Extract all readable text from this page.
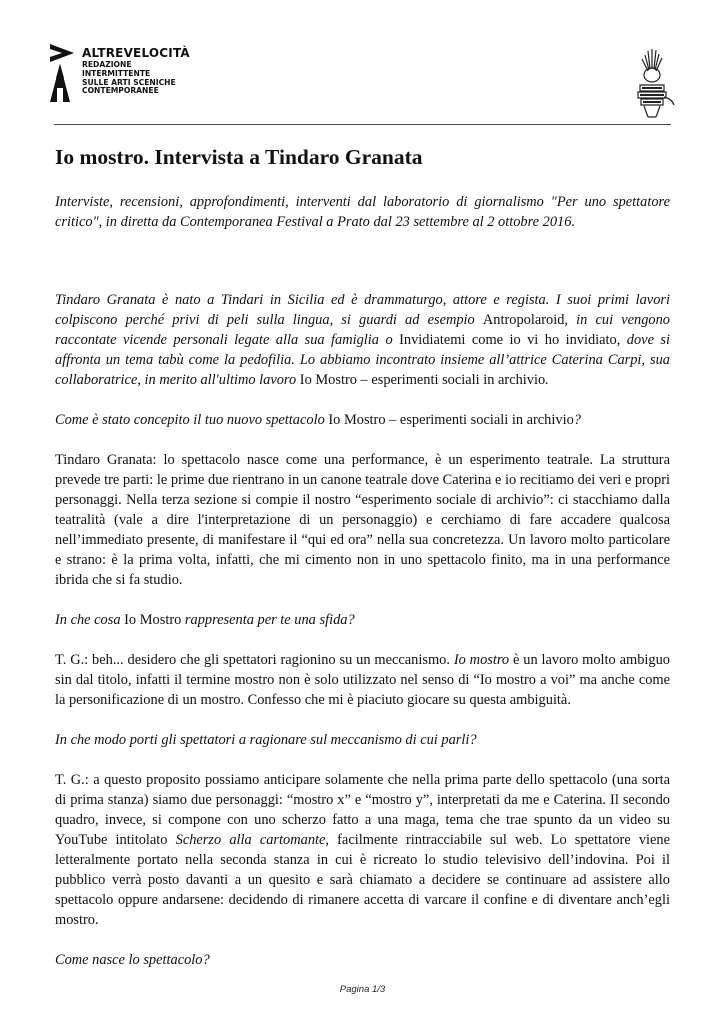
ALTREVELOCITÀ
REDAZIONE
INTERMITTENTE
SULLE ARTI SCENICHE
CONTEMPORANEE
Io mostro. Intervista a Tindaro Granata

Interviste, recensioni, approfondimenti, interventi dal laboratorio di giornalismo "Per uno spettatore critico", in diretta da Contemporanea Festival a Prato dal 23 settembre al 2 ottobre 2016.

Tindaro Granata è nato a Tindari in Sicilia ed è drammaturgo, attore e regista. I suoi primi lavori colpiscono perché privi di peli sulla lingua, si guardi ad esempio Antropolaroid, in cui vengono raccontate vicende personali legate alla sua famiglia o Invidiatemi come io vi ho invidiato, dove si affronta un tema tabù come la pedofilia. Lo abbiamo incontrato insieme all’attrice Caterina Carpi, sua collaboratrice, in merito all'ultimo lavoro Io Mostro – esperimenti sociali in archivio.

Come è stato concepito il tuo nuovo spettacolo Io Mostro – esperimenti sociali in archivio?

Tindaro Granata: lo spettacolo nasce come una performance, è un esperimento teatrale. La struttura prevede tre parti: le prime due rientrano in un canone teatrale dove Caterina e io recitiamo dei veri e propri personaggi. Nella terza sezione si compie il nostro “esperimento sociale di archivio”: ci stacchiamo dalla teatralità (vale a dire l'interpretazione di un personaggio) e cerchiamo di fare accadere qualcosa nell’immediato presente, di manifestare il “qui ed ora” nella sua concretezza. Un lavoro molto particolare e strano: è la prima volta, infatti, che mi cimento non in uno spettacolo finito, ma in una performance ibrida che si fa studio.

In che cosa Io Mostro rappresenta per te una sfida?

T. G.: beh... desidero che gli spettatori ragionino su un meccanismo. Io mostro è un lavoro molto ambiguo sin dal titolo, infatti il termine mostro non è solo utilizzato nel senso di “Io mostro a voi” ma anche come la personificazione di un mostro. Confesso che mi è piaciuto giocare su questa ambiguità.

In che modo porti gli spettatori a ragionare sul meccanismo di cui parli?

T. G.: a questo proposito possiamo anticipare solamente che nella prima parte dello spettacolo (una sorta di prima stanza) siamo due personaggi: “mostro x” e “mostro y”, interpretati da me e Caterina. Il secondo quadro, invece, si compone con uno scherzo fatto a una maga, tema che trae spunto da un video su YouTube intitolato Scherzo alla cartomante, facilmente rintracciabile sul web. Lo spettatore viene letteralmente portato nella seconda stanza in cui è ricreato lo studio televisivo dell’indovina. Poi il pubblico verrà posto davanti a un quesito e sarà chiamato a decidere se continuare ad assistere allo spettacolo oppure andarsene: decidendo di rimanere accetta di varcare il confine e di diventare anch’egli mostro.

Come nasce lo spettacolo?

Pagina 1/3
